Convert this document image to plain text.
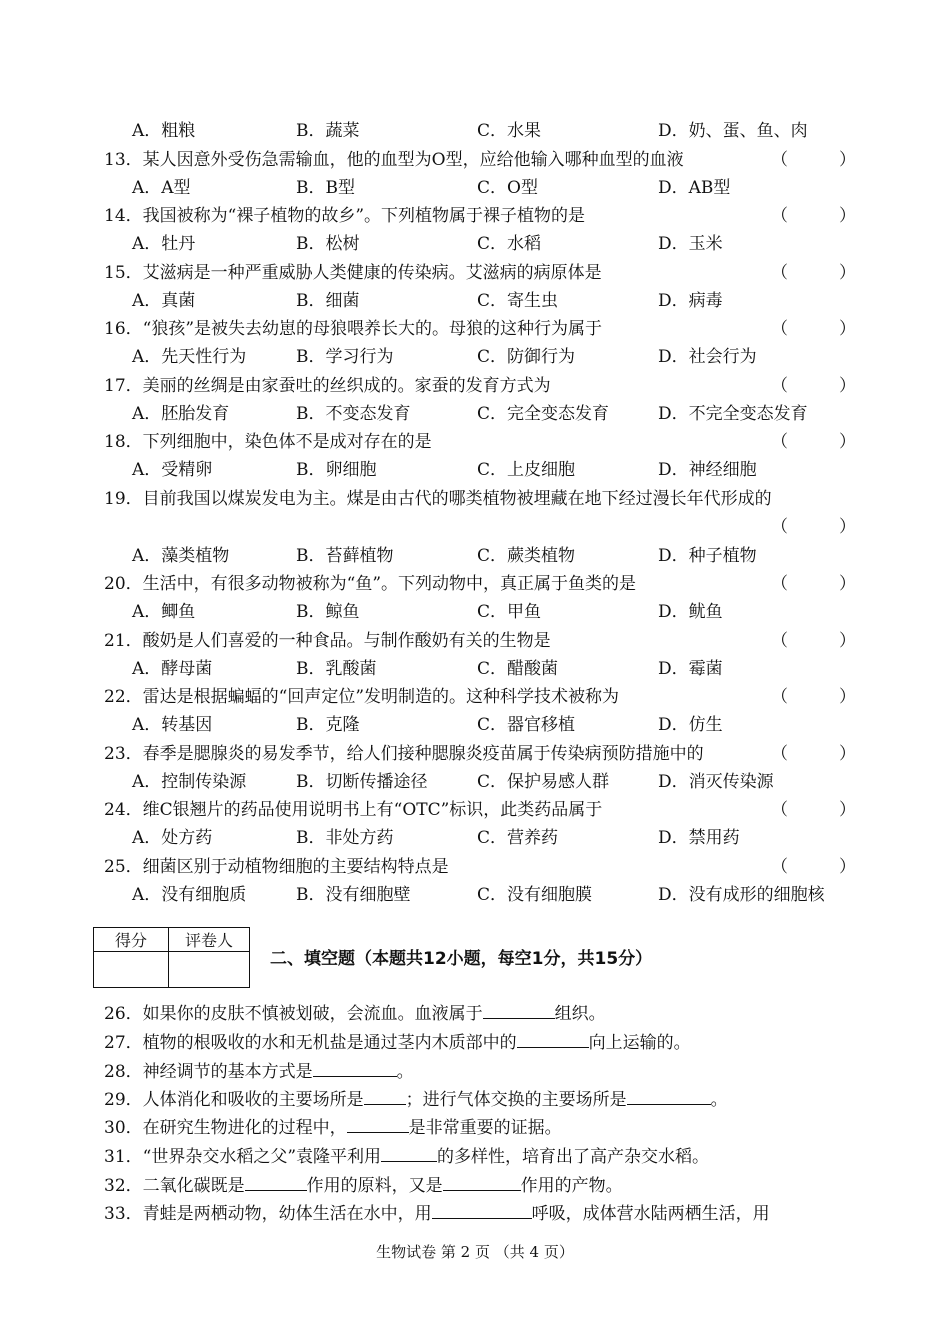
A．粗粮	B．蔬菜	C．水果	D．奶、蛋、鱼、肉
13．某人因意外受伤急需输血，他的血型为O型，应给他输入哪种血型的血液	（　　　）
A．A型	B．B型	C．O型	D．AB型
14．我国被称为“裸子植物的故乡”。下列植物属于裸子植物的是	（　　　）
A．牡丹	B．松树	C．水稻	D．玉米
15．艾滋病是一种严重威胁人类健康的传染病。艾滋病的病原体是	（　　　）
A．真菌	B．细菌	C．寄生虫	D．病毒
16．“狼孩”是被失去幼崽的母狼喂养长大的。母狼的这种行为属于	（　　　）
A．先天性行为	B．学习行为	C．防御行为	D．社会行为
17．美丽的丝绸是由家蚕吐的丝织成的。家蚕的发育方式为	（　　　）
A．胚胎发育	B．不变态发育	C．完全变态发育	D．不完全变态发育
18．下列细胞中，染色体不是成对存在的是	（　　　）
A．受精卵	B．卵细胞	C．上皮细胞	D．神经细胞
19．目前我国以煤炭发电为主。煤是由古代的哪类植物被埋藏在地下经过漫长年代形成的
（　　　）
A．藻类植物	B．苔藓植物	C．蕨类植物	D．种子植物
20．生活中，有很多动物被称为“鱼”。下列动物中，真正属于鱼类的是	（　　　）
A．鲫鱼	B．鲸鱼	C．甲鱼	D．鱿鱼
21．酸奶是人们喜爱的一种食品。与制作酸奶有关的生物是	（　　　）
A．酵母菌	B．乳酸菌	C．醋酸菌	D．霉菌
22．雷达是根据蝙蝠的“回声定位”发明制造的。这种科学技术被称为	（　　　）
A．转基因	B．克隆	C．器官移植	D．仿生
23．春季是腮腺炎的易发季节，给人们接种腮腺炎疫苗属于传染病预防措施中的	（　　　）
A．控制传染源	B．切断传播途径	C．保护易感人群	D．消灭传染源
24．维C银翘片的药品使用说明书上有“OTC”标识，此类药品属于	（　　　）
A．处方药	B．非处方药	C．营养药	D．禁用药
25．细菌区别于动植物细胞的主要结构特点是	（　　　）
A．没有细胞质	B．没有细胞壁	C．没有细胞膜	D．没有成形的细胞核
得分	评卷人

二、填空题（本题共12小题，每空1分，共15分）
26．如果你的皮肤不慎被划破，会流血。血液属于	组织。
27．植物的根吸收的水和无机盐是通过茎内木质部中的	向上运输的。
28．神经调节的基本方式是	。
29．人体消化和吸收的主要场所是 ；进行气体交换的主要场所是	。
30．在研究生物进化的过程中，	是非常重要的证据。
31．“世界杂交水稻之父”袁隆平利用	的多样性，培育出了高产杂交水稻。
32．二氧化碳既是	作用的原料，又是	作用的产物。
33．青蛙是两栖动物，幼体生活在水中，用	呼吸，成体营水陆两栖生活，用
生物试卷 第 2 页 （共 4 页）
